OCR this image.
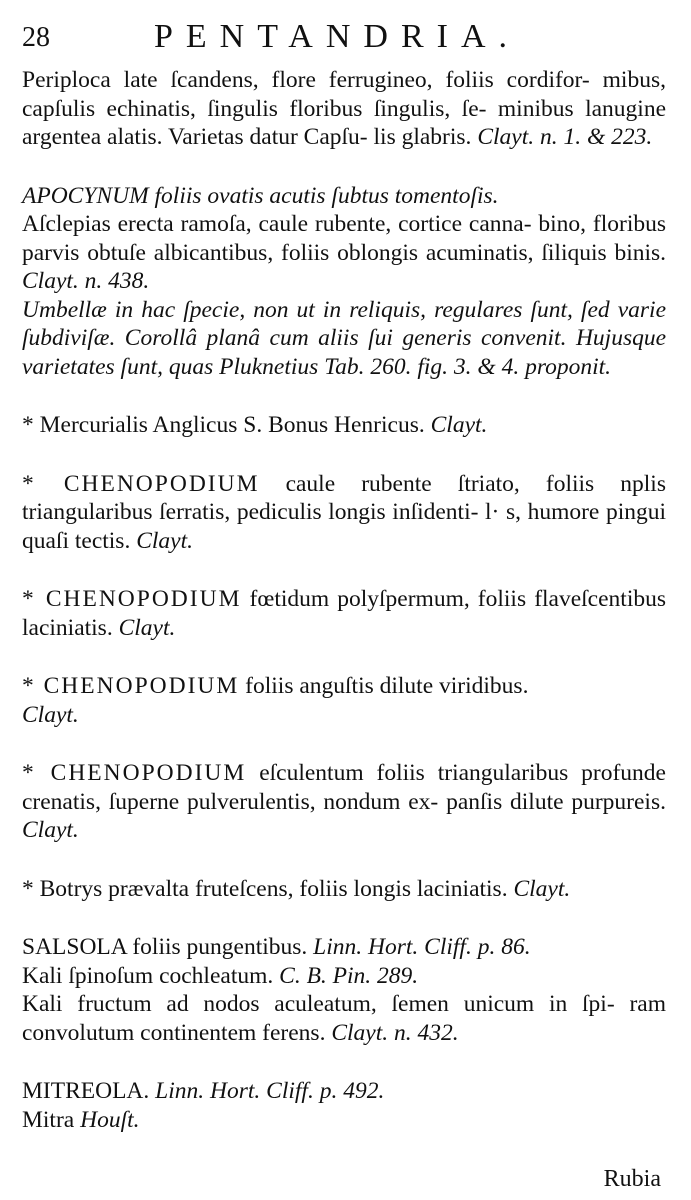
28	PENTANDRIA.

Periploca late ſcandens, flore ferrugineo, foliis cordifor- mibus, capſulis echinatis, ſingulis floribus ſingulis, ſe- minibus lanugine argentea alatis. Varietas datur Capſu- lis glabris. Clayt. n. 1. & 223.

APOCYNUM foliis ovatis acutis ſubtus tomentoſis.
Aſclepias erecta ramoſa, caule rubente, cortice canna- bino, floribus parvis obtuſe albicantibus, foliis oblongis acuminatis, ſiliquis binis. Clayt. n. 438.
Umbellæ in hac ſpecie, non ut in reliquis, regulares ſunt, ſed varie ſubdiviſæ. Corollâ planâ cum aliis ſui generis convenit. Hujusque varietates ſunt, quas Pluknetius Tab. 260. fig. 3. & 4. proponit.

* Mercurialis Anglicus S. Bonus Henricus. Clayt.

* CHENOPODIUM caule rubente ſtriato, foliis nplis triangularibus ſerratis, pediculis longis inſidenti- l· s, humore pingui quaſi tectis. Clayt.

* CHENOPODIUM fœtidum polyſpermum, foliis flaveſcentibus laciniatis. Clayt.

* CHENOPODIUM foliis anguſtis dilute viridibus.
Clayt.

* CHENOPODIUM eſculentum foliis triangularibus profunde crenatis, ſuperne pulverulentis, nondum ex- panſis dilute purpureis. Clayt.

* Botrys prævalta fruteſcens, foliis longis laciniatis. Clayt.

SALSOLA foliis pungentibus. Linn. Hort. Cliff. p. 86.
Kali ſpinoſum cochleatum. C. B. Pin. 289.
Kali fructum ad nodos aculeatum, ſemen unicum in ſpi- ram convolutum continentem ferens. Clayt. n. 432.

MITREOLA. Linn. Hort. Cliff. p. 492.
Mitra Houſt.

Rubia
